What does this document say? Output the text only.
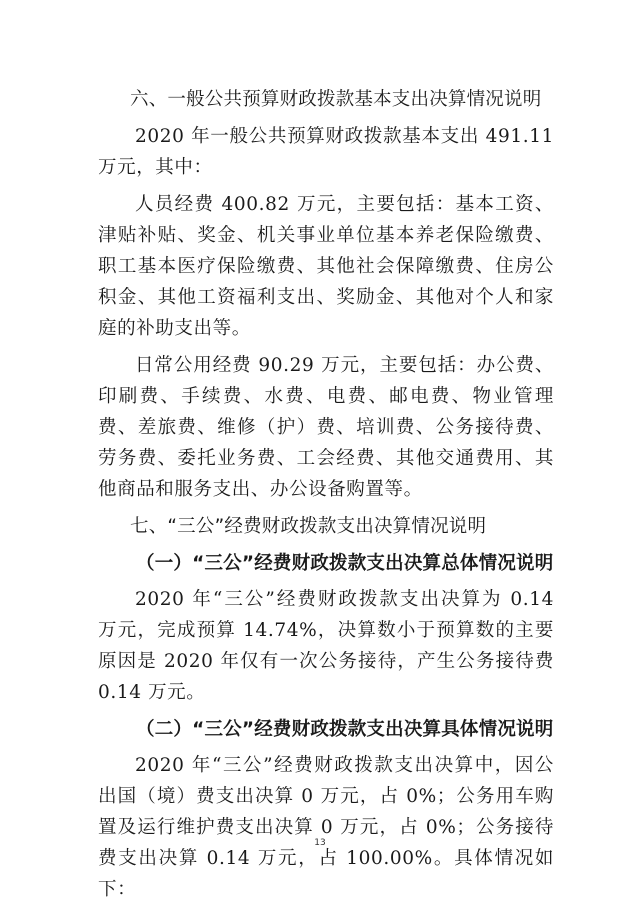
六、一般公共预算财政拨款基本支出决算情况说明

2020 年一般公共预算财政拨款基本支出 491.11 万元，其中：

人员经费 400.82 万元，主要包括：基本工资、津贴补贴、奖金、机关事业单位基本养老保险缴费、职工基本医疗保险缴费、其他社会保障缴费、住房公积金、其他工资福利支出、奖励金、其他对个人和家庭的补助支出等。

日常公用经费 90.29 万元，主要包括：办公费、印刷费、手续费、水费、电费、邮电费、物业管理费、差旅费、维修（护）费、培训费、公务接待费、劳务费、委托业务费、工会经费、其他交通费用、其他商品和服务支出、办公设备购置等。

七、“三公”经费财政拨款支出决算情况说明
（一）“三公”经费财政拨款支出决算总体情况说明

2020 年“三公”经费财政拨款支出决算为 0.14 万元，完成预算 14.74%，决算数小于预算数的主要原因是 2020 年仅有一次公务接待，产生公务接待费 0.14 万元。

（二）“三公”经费财政拨款支出决算具体情况说明

2020 年“三公”经费财政拨款支出决算中，因公出国（境）费支出决算 0 万元，占 0%；公务用车购置及运行维护费支出决算 0 万元，占 0%；公务接待费支出决算 0.14 万元，占 100.00%。具体情况如下：

13
